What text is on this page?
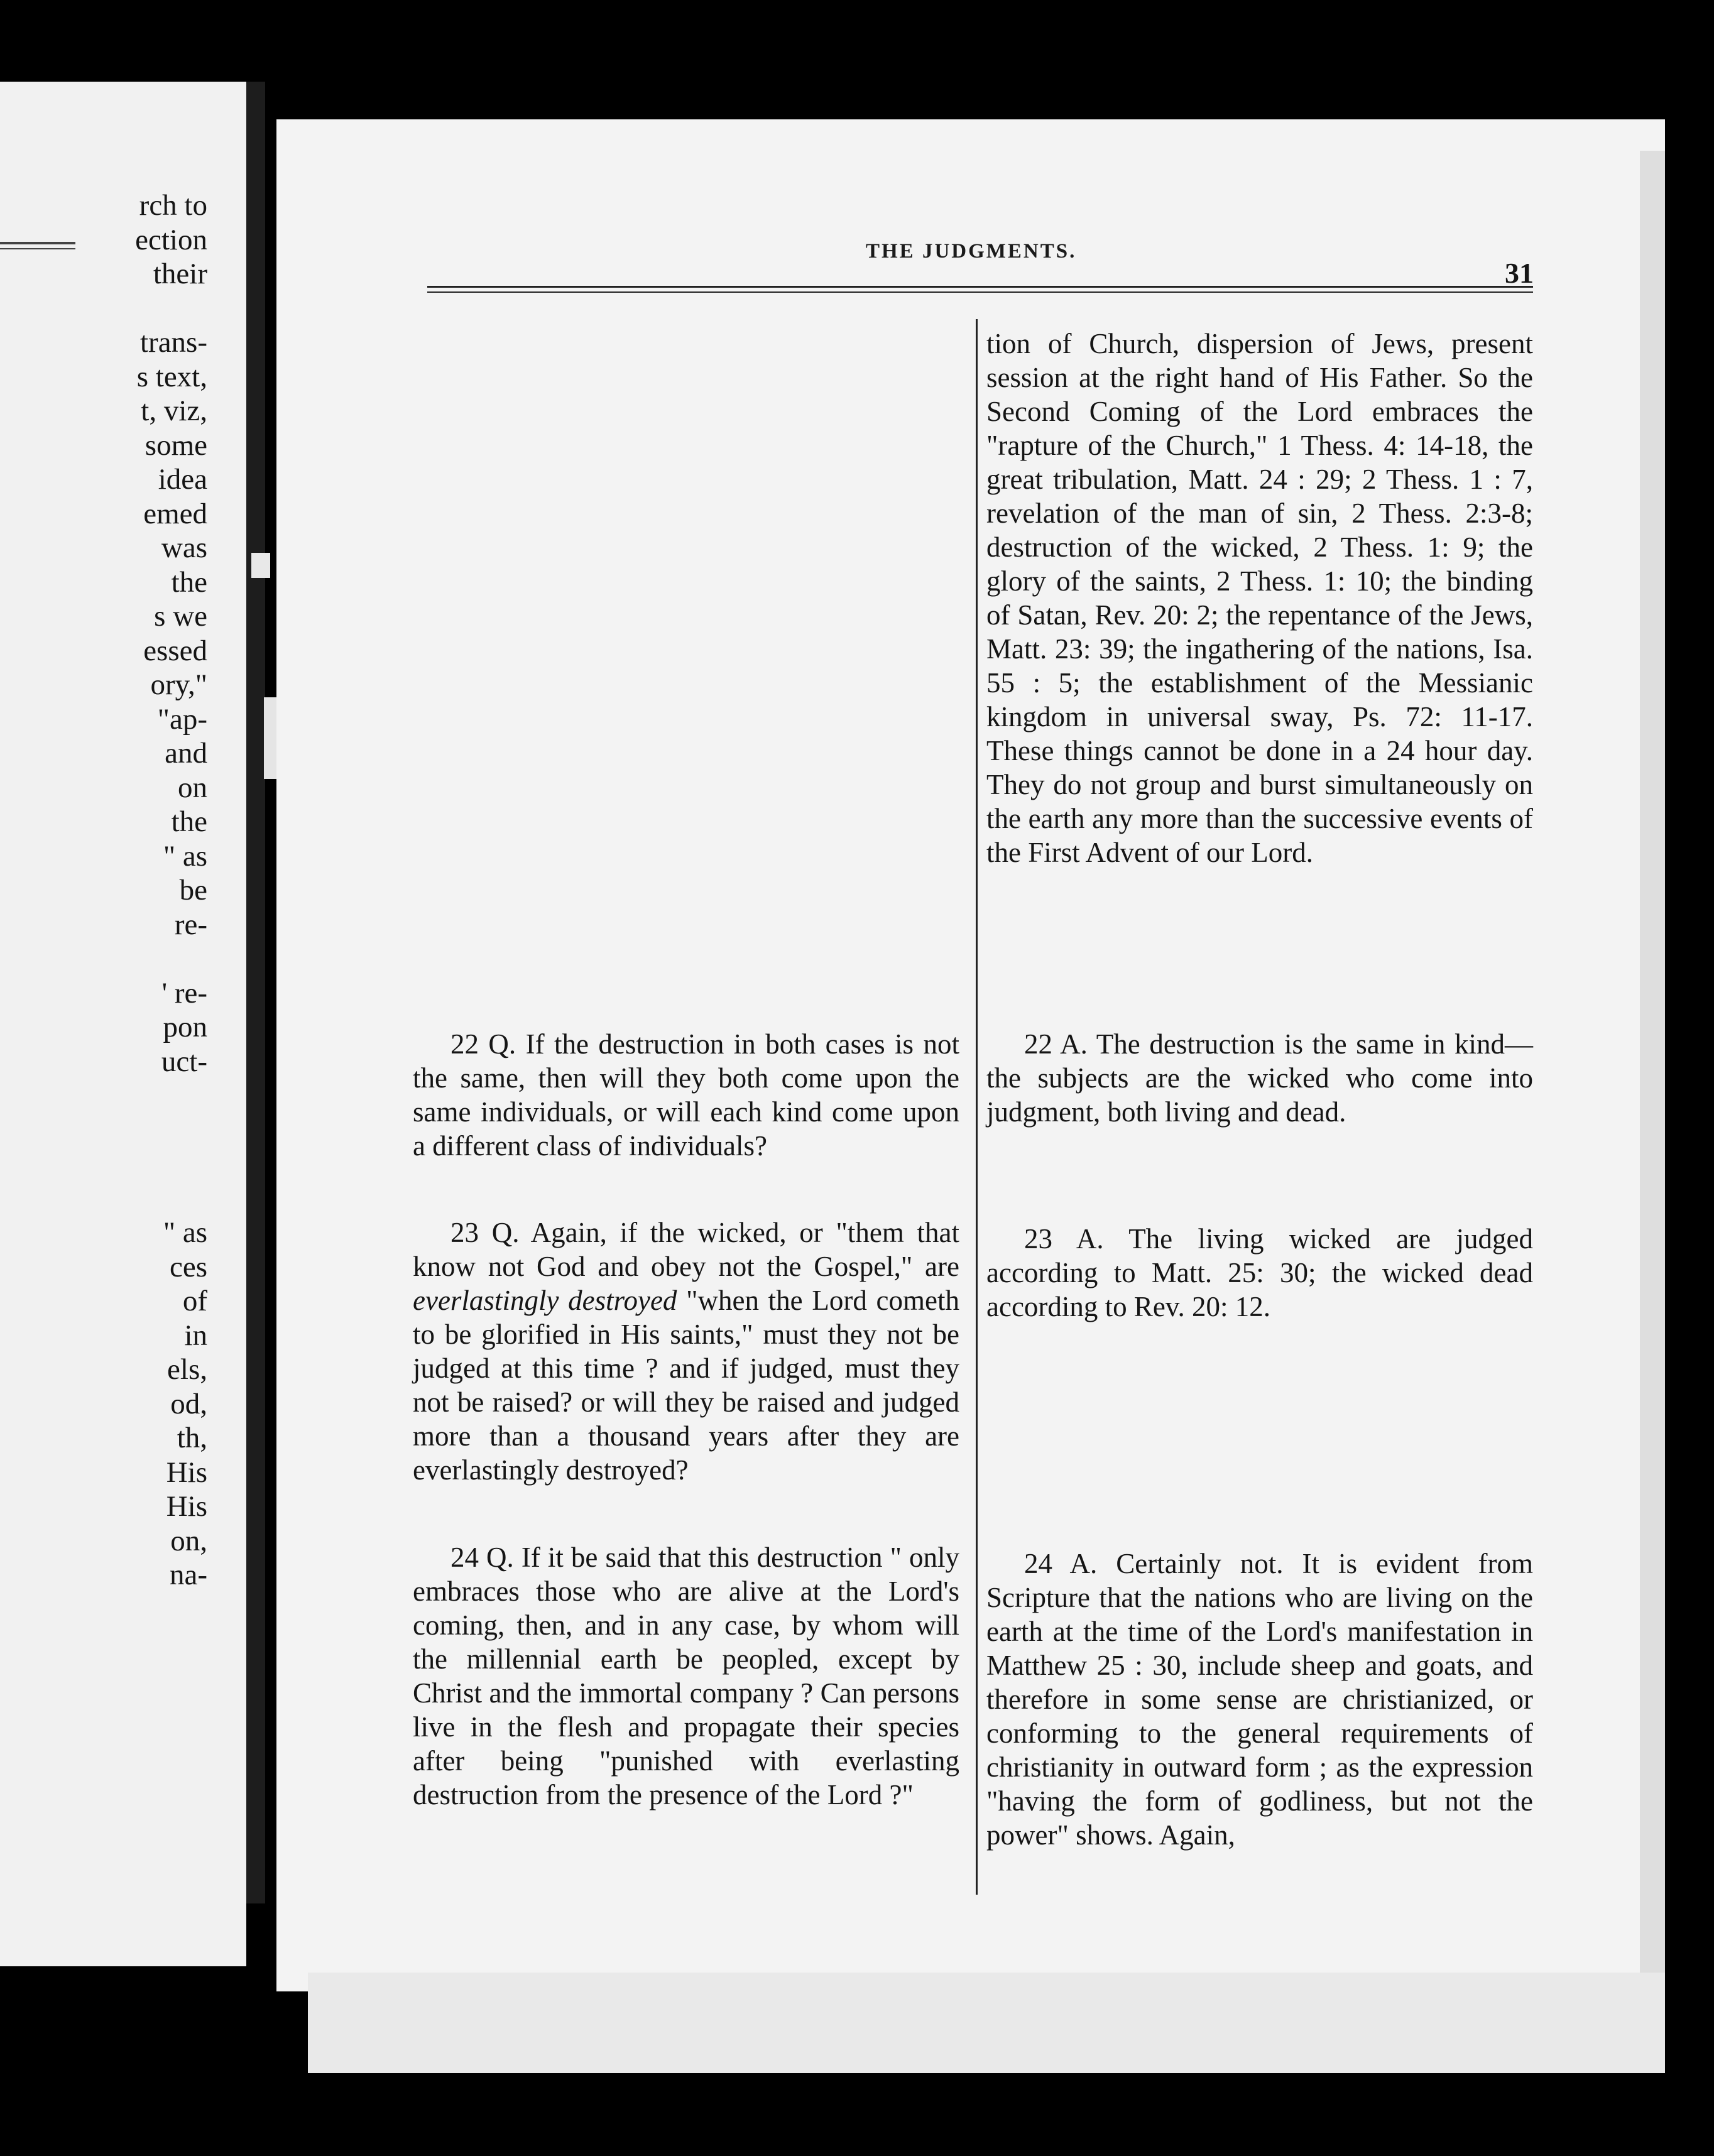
rch to
ection
their
trans-
s text,
t, viz,
some
idea
emed
was
the
s we
essed
ory,"
"ap-
and
on
the
" as
be
re-
' re-
pon
uct-
" as
ces
of
in
els,
od,
th,
His
His
on,
na-
THE JUDGMENTS.
31

tion of Church, dispersion of Jews, present session at the right hand of His Father. So the Second Coming of the Lord embraces the "rapture of the Church," 1 Thess. 4: 14-18, the great tribulation, Matt. 24 : 29; 2 Thess. 1 : 7, revelation of the man of sin, 2 Thess. 2:3-8; destruction of the wicked, 2 Thess. 1: 9; the glory of the saints, 2 Thess. 1: 10; the binding of Satan, Rev. 20: 2; the repentance of the Jews, Matt. 23: 39; the ingathering of the nations, Isa. 55 : 5; the establishment of the Messianic kingdom in universal sway, Ps. 72: 11-17. These things cannot be done in a 24 hour day. They do not group and burst simultaneously on the earth any more than the successive events of the First Advent of our Lord.

22 A. The destruction is the same in kind—the subjects are the wicked who come into judgment, both living and dead.

23 A. The living wicked are judged according to Matt. 25: 30; the wicked dead according to Rev. 20: 12.

24 A. Certainly not. It is evident from Scripture that the nations who are living on the earth at the time of the Lord's manifestation in Matthew 25 : 30, include sheep and goats, and therefore in some sense are christianized, or conforming to the general requirements of christianity in outward form ; as the expression "having the form of godliness, but not the power" shows. Again,

22 Q. If the destruction in both cases is not the same, then will they both come upon the same individuals, or will each kind come upon a different class of individuals?

23 Q. Again, if the wicked, or "them that know not God and obey not the Gospel," are everlastingly destroyed "when the Lord cometh to be glorified in His saints," must they not be judged at this time ? and if judged, must they not be raised? or will they be raised and judged more than a thousand years after they are everlastingly destroyed?

24 Q. If it be said that this destruction " only embraces those who are alive at the Lord's coming, then, and in any case, by whom will the millennial earth be peopled, except by Christ and the immortal company ? Can persons live in the flesh and propagate their species after being "punished with everlasting destruction from the presence of the Lord ?"
